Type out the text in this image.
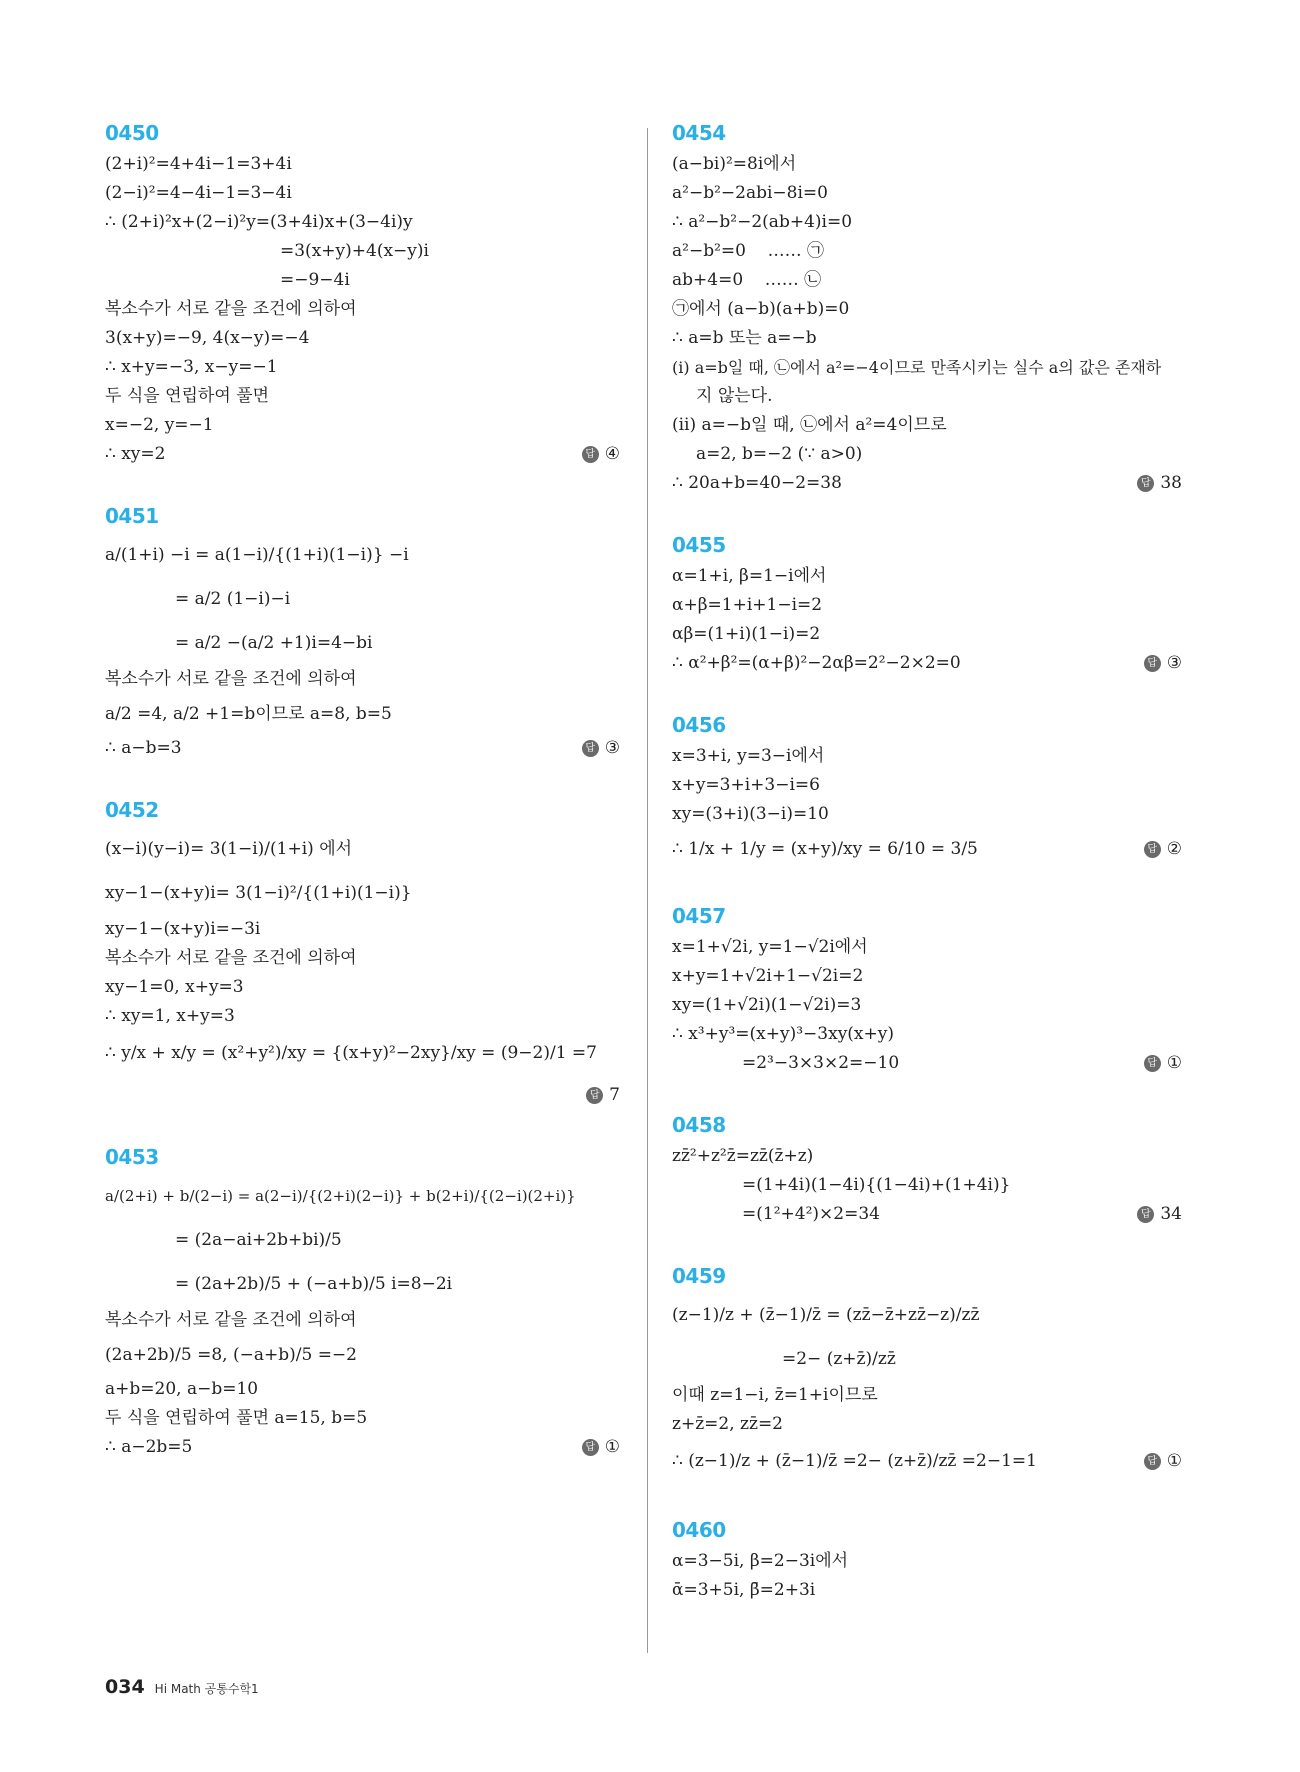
0450
(2+i)²=4+4i−1=3+4i
(2−i)²=4−4i−1=3−4i
∴ (2+i)²x+(2−i)²y=(3+4i)x+(3−4i)y
=3(x+y)+4(x−y)i
=−9−4i
복소수가 서로 같을 조건에 의하여
3(x+y)=−9, 4(x−y)=−4
∴ x+y=−3, x−y=−1
두 식을 연립하여 풀면
x=−2, y=−1
∴ xy=2	답 ④
0451
a/(1+i) −i = a(1−i)/{(1+i)(1−i)} −i
= a/2 (1−i)−i
= a/2 −(a/2 +1)i=4−bi
복소수가 서로 같을 조건에 의하여
a/2 =4, a/2 +1=b이므로 a=8, b=5
∴ a−b=3	답 ③
0452
(x−i)(y−i)= 3(1−i)/(1+i) 에서
xy−1−(x+y)i= 3(1−i)²/{(1+i)(1−i)}
xy−1−(x+y)i=−3i
복소수가 서로 같을 조건에 의하여
xy−1=0, x+y=3
∴ xy=1, x+y=3
∴ y/x + x/y = (x²+y²)/xy = {(x+y)²−2xy}/xy = (9−2)/1 =7
답 7
0453
a/(2+i) + b/(2−i) = a(2−i)/{(2+i)(2−i)} + b(2+i)/{(2−i)(2+i)}
= (2a−ai+2b+bi)/5
= (2a+2b)/5 + (−a+b)/5 i=8−2i
복소수가 서로 같을 조건에 의하여
(2a+2b)/5 =8, (−a+b)/5 =−2
a+b=20, a−b=10
두 식을 연립하여 풀면 a=15, b=5
∴ a−2b=5	답 ①
0454
(a−bi)²=8i에서
a²−b²−2abi−8i=0
∴ a²−b²−2(ab+4)i=0
a²−b²=0    …… ㉠
ab+4=0    …… ㉡
㉠에서 (a−b)(a+b)=0
∴ a=b 또는 a=−b
(ⅰ) a=b일 때, ㉡에서 a²=−4이므로 만족시키는 실수 a의 값은 존재하
지 않는다.
(ⅱ) a=−b일 때, ㉡에서 a²=4이므로
a=2, b=−2 (∵ a>0)
∴ 20a+b=40−2=38	답 38
0455
α=1+i, β=1−i에서
α+β=1+i+1−i=2
αβ=(1+i)(1−i)=2
∴ α²+β²=(α+β)²−2αβ=2²−2×2=0	답 ③
0456
x=3+i, y=3−i에서
x+y=3+i+3−i=6
xy=(3+i)(3−i)=10
∴ 1/x + 1/y = (x+y)/xy = 6/10 = 3/5	답 ②
0457
x=1+√2i, y=1−√2i에서
x+y=1+√2i+1−√2i=2
xy=(1+√2i)(1−√2i)=3
∴ x³+y³=(x+y)³−3xy(x+y)
=2³−3×3×2=−10	답 ①
0458
zz̄²+z²z̄=zz̄(z̄+z)
=(1+4i)(1−4i){(1−4i)+(1+4i)}
=(1²+4²)×2=34	답 34
0459
(z−1)/z + (z̄−1)/z̄ = (zz̄−z̄+zz̄−z)/zz̄
=2− (z+z̄)/zz̄
이때 z=1−i, z̄=1+i이므로
z+z̄=2, zz̄=2
∴ (z−1)/z + (z̄−1)/z̄ =2− (z+z̄)/zz̄ =2−1=1	답 ①
0460
α=3−5i, β=2−3i에서
ᾱ=3+5i, β̄=2+3i
034 Hi Math 공통수학1
